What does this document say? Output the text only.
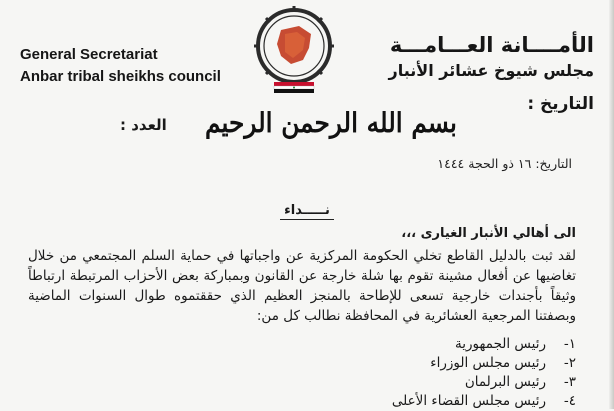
General Secretariat
Anbar tribal sheikhs council
الأمــــانة العـــامـــة
مجلس شيوخ عشائر الأنبار
التاريخ :
العدد : بسم الله الرحمن الرحيم
التاريخ: ١٦ ذو الحجة ١٤٤٤
نـــــداء
الى أهالي الأنبار الغيارى ،،،

لقد ثبت بالدليل القاطع تخلي الحكومة المركزية عن واجباتها في حماية السلم المجتمعي من خلال تغاضيها عن أفعال مشينة تقوم بها شلة خارجة عن القانون وبمباركة بعض الأحزاب المرتبطة ارتباطاً وثيقاً بأجندات خارجية تسعى للإطاحة بالمنجز العظيم الذي حققتموه طوال السنوات الماضية وبصفتنا المرجعية العشائرية في المحافظة نطالب كل من:

١-
رئيس الجمهورية
٢-
رئيس مجلس الوزراء
٣-
رئيس البرلمان
٤-
رئيس مجلس القضاء الأعلى
